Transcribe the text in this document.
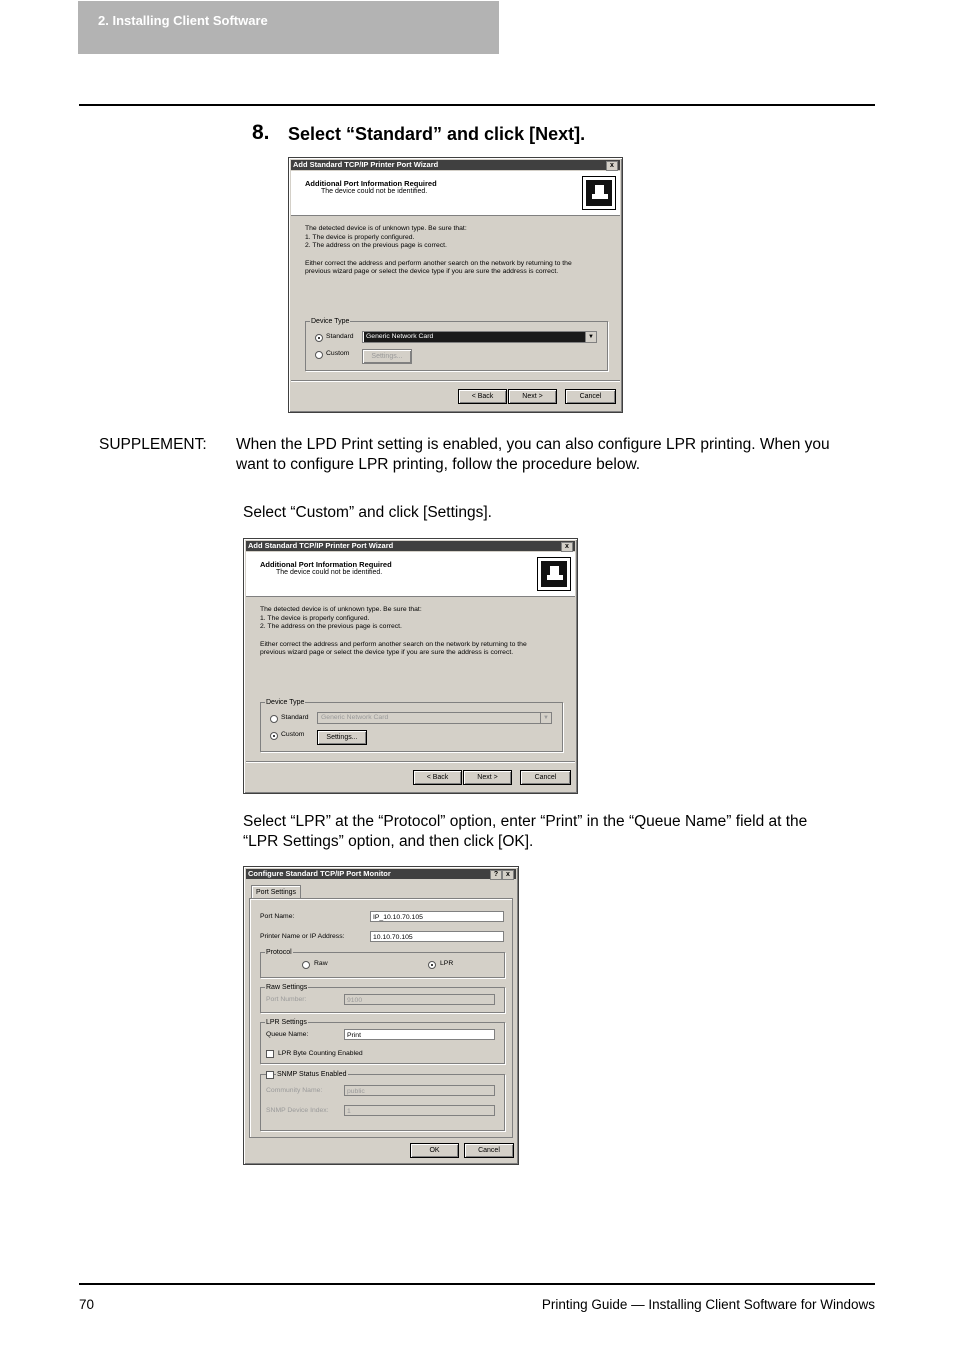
2. Installing Client Software
8. Select “Standard” and click [Next].
Add Standard TCP/IP Printer Port Wizard	x
Additional Port Information Required
The device could not be identified.
The detected device is of unknown type. Be sure that:
1. The device is properly configured.
2. The address on the previous page is correct.
Either correct the address and perform another search on the network by returning to the
previous wizard page or select the device type if you are sure the address is correct.
Device Type
Standard Generic Network Card	▼
Custom	Settings...
< Back	Next >	Cancel
SUPPLEMENT: When the LPD Print setting is enabled, you can also configure LPR printing. When you
want to configure LPR printing, follow the procedure below.
Select “Custom” and click [Settings].
Add Standard TCP/IP Printer Port Wizard	x
Additional Port Information Required
The device could not be identified.
The detected device is of unknown type. Be sure that:
1. The device is properly configured.
2. The address on the previous page is correct.
Either correct the address and perform another search on the network by returning to the
previous wizard page or select the device type if you are sure the address is correct.
Device Type
Standard Generic Network Card	▼
Custom	Settings...
< Back	Next >	Cancel
Select “LPR” at the “Protocol” option, enter “Print” in the “Queue Name” field at the
“LPR Settings” option, and then click [OK].
Configure Standard TCP/IP Port Monitor	?	x
Port Settings
Port Name:	IP_10.10.70.105
Printer Name or IP Address:	10.10.70.105
Protocol
Raw	LPR
Raw Settings
Port Number:	9100
LPR Settings
Queue Name:	Print
LPR Byte Counting Enabled
SNMP Status Enabled
Community Name:	public
SNMP Device Index:	1
OK	Cancel
70	Printing Guide — Installing Client Software for Windows
